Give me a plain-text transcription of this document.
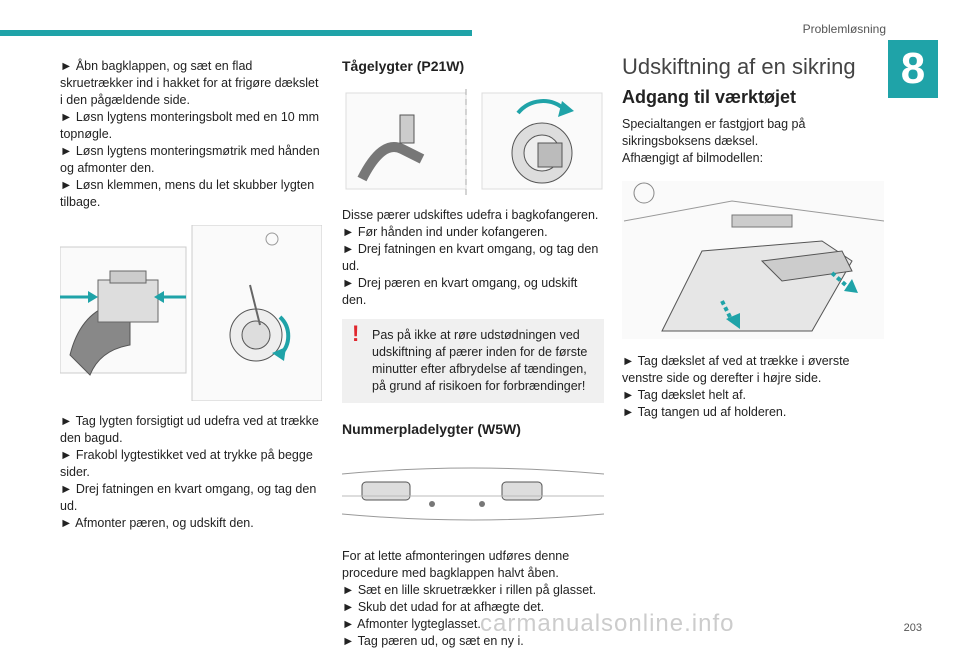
Problemløsning
8

► Åbn bagklappen, og sæt en flad skruetrækker ind i hakket for at frigøre dækslet i den pågældende side.

► Løsn lygtens monteringsbolt med en 10 mm topnøgle.

► Løsn lygtens monteringsmøtrik med hånden og afmonter den.

► Løsn klemmen, mens du let skubber lygten tilbage.

► Tag lygten forsigtigt ud udefra ved at trække den bagud.

► Frakobl lygtestikket ved at trykke på begge sider.

► Drej fatningen en kvart omgang, og tag den ud.

► Afmonter pæren, og udskift den.

Tågelygter (P21W)

Disse pærer udskiftes udefra i bagkofangeren.

► Før hånden ind under kofangeren.

► Drej fatningen en kvart omgang, og tag den ud.

► Drej pæren en kvart omgang, og udskift den.

! Pas på ikke at røre udstødningen ved udskiftning af pærer inden for de første minutter efter afbrydelse af tændingen, på grund af risikoen for forbrændinger!
Nummerpladelygter (W5W)

For at lette afmonteringen udføres denne procedure med bagklappen halvt åben.

► Sæt en lille skruetrækker i rillen på glasset.

► Skub det udad for at afhægte det.

► Afmonter lygteglasset.

► Tag pæren ud, og sæt en ny i.

Udskiftning af en sikring
Adgang til værktøjet

Specialtangen er fastgjort bag på sikringsboksens dæksel.

Afhængigt af bilmodellen:

► Tag dækslet af ved at trække i øverste venstre side og derefter i højre side.

► Tag dækslet helt af.

► Tag tangen ud af holderen.

203
carmanualsonline.info
